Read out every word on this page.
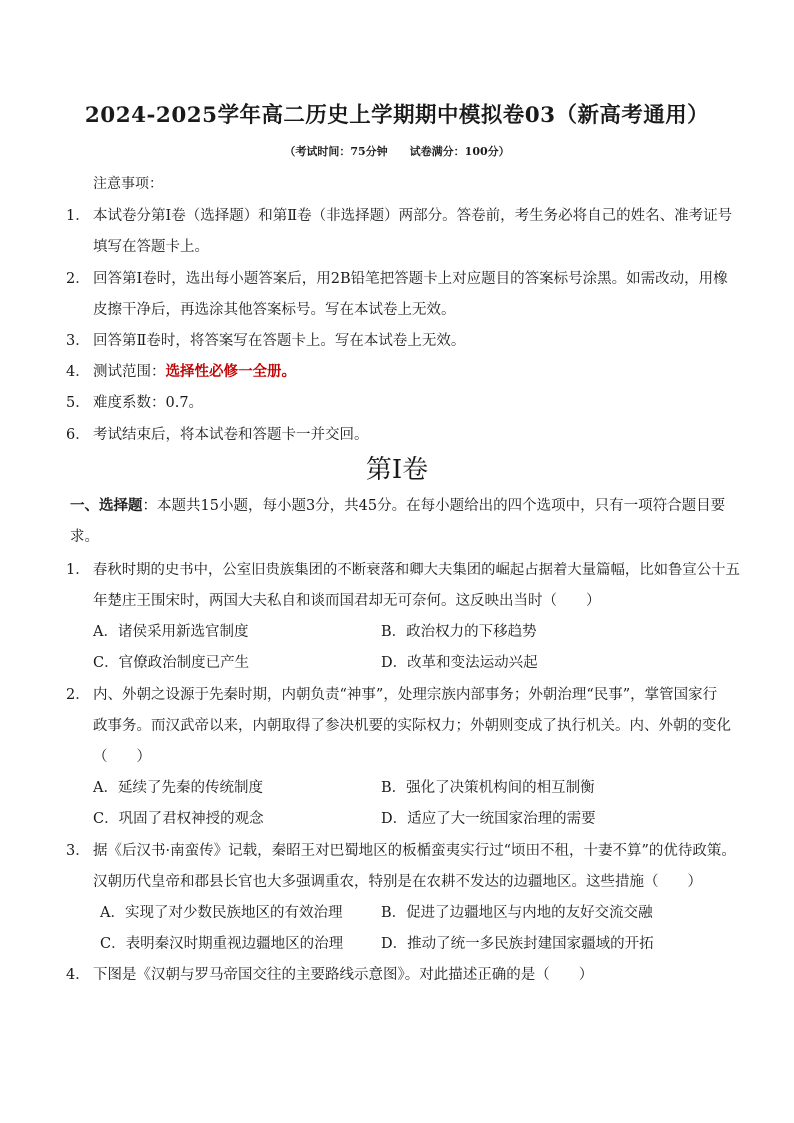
2024-2025学年高二历史上学期期中模拟卷03（新高考通用）
（考试时间：75分钟　　试卷满分：100分）
注意事项：
1． 本试卷分第Ⅰ卷（选择题）和第Ⅱ卷（非选择题）两部分。答卷前，考生务必将自己的姓名、准考证号
填写在答题卡上。
2． 回答第Ⅰ卷时，选出每小题答案后，用2B铅笔把答题卡上对应题目的答案标号涂黑。如需改动，用橡
皮擦干净后，再选涂其他答案标号。写在本试卷上无效。
3． 回答第Ⅱ卷时，将答案写在答题卡上。写在本试卷上无效。
4． 测试范围：选择性必修一全册。
5． 难度系数：0.7。
6． 考试结束后，将本试卷和答题卡一并交回。
第Ⅰ卷
一、选择题：本题共15小题，每小题3分，共45分。在每小题给出的四个选项中，只有一项符合题目要
求。
1． 春秋时期的史书中，公室旧贵族集团的不断衰落和卿大夫集团的崛起占据着大量篇幅，比如鲁宣公十五
年楚庄王围宋时，两国大夫私自和谈而国君却无可奈何。这反映出当时（　　）
A．诸侯采用新选官制度	B．政治权力的下移趋势
C．官僚政治制度已产生	D．改革和变法运动兴起
2． 内、外朝之设源于先秦时期，内朝负责“神事”，处理宗族内部事务；外朝治理“民事”，掌管国家行
政事务。而汉武帝以来，内朝取得了参决机要的实际权力；外朝则变成了执行机关。内、外朝的变化
（　　）
A．延续了先秦的传统制度	B．强化了决策机构间的相互制衡
C．巩固了君权神授的观念	D．适应了大一统国家治理的需要
3． 据《后汉书·南蛮传》记载，秦昭王对巴蜀地区的板楯蛮夷实行过“顷田不租，十妻不算”的优待政策。
汉朝历代皇帝和郡县长官也大多强调重农，特别是在农耕不发达的边疆地区。这些措施（　　）
A．实现了对少数民族地区的有效治理	B．促进了边疆地区与内地的友好交流交融
C．表明秦汉时期重视边疆地区的治理	D．推动了统一多民族封建国家疆域的开拓
4． 下图是《汉朝与罗马帝国交往的主要路线示意图》。对此描述正确的是（　　）
